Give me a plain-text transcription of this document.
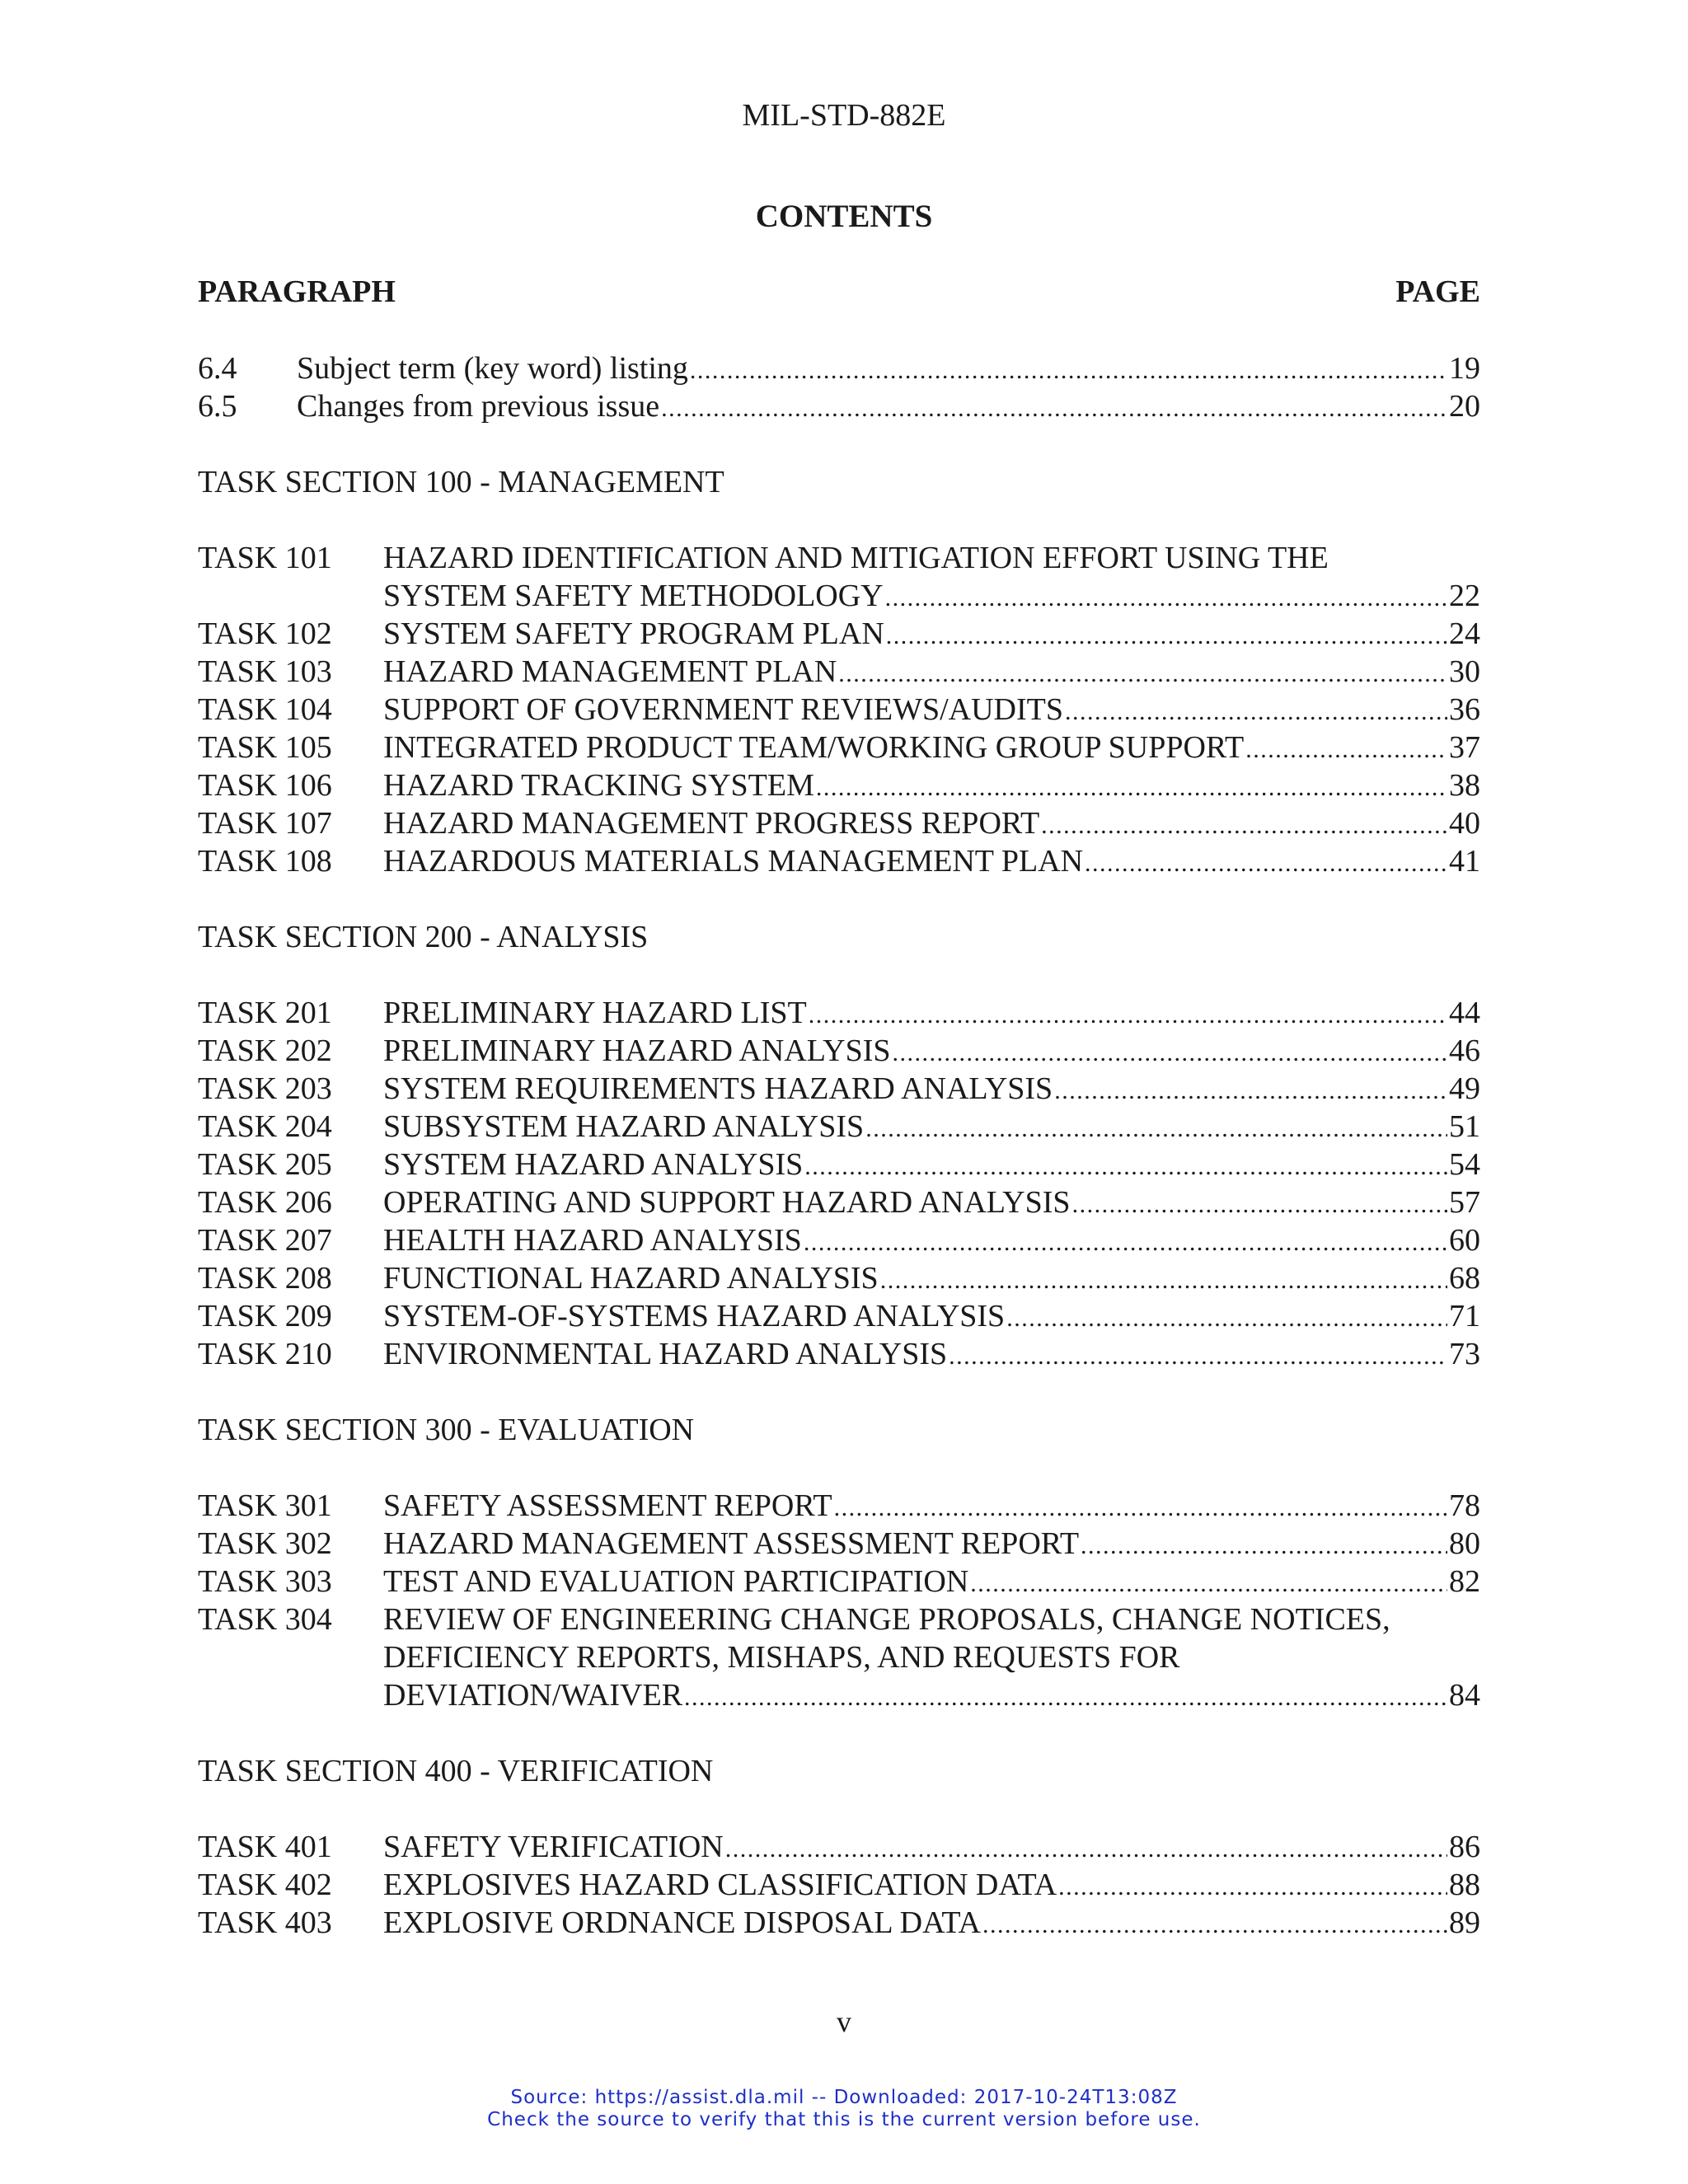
MIL-STD-882E
CONTENTS
PARAGRAPH	PAGE
6.4 Subject term (key word) listing . . .	19
6.5 Changes from previous issue . . .	20
TASK SECTION 100 - MANAGEMENT
TASK 101 HAZARD IDENTIFICATION AND MITIGATION EFFORT USING THE
SYSTEM SAFETY METHODOLOGY . . .	22
TASK 102 SYSTEM SAFETY PROGRAM PLAN . . .	24
TASK 103 HAZARD MANAGEMENT PLAN . . .	30
TASK 104 SUPPORT OF GOVERNMENT REVIEWS/AUDITS . . .	36
TASK 105 INTEGRATED PRODUCT TEAM/WORKING GROUP SUPPORT . . .	37
TASK 106 HAZARD TRACKING SYSTEM . . .	38
TASK 107 HAZARD MANAGEMENT PROGRESS REPORT . . .	40
TASK 108 HAZARDOUS MATERIALS MANAGEMENT PLAN . . .	41
TASK SECTION 200 - ANALYSIS
TASK 201 PRELIMINARY HAZARD LIST . . .	44
TASK 202 PRELIMINARY HAZARD ANALYSIS . . .	46
TASK 203 SYSTEM REQUIREMENTS HAZARD ANALYSIS . . .	49
TASK 204 SUBSYSTEM HAZARD ANALYSIS . . .	51
TASK 205 SYSTEM HAZARD ANALYSIS . . .	54
TASK 206 OPERATING AND SUPPORT HAZARD ANALYSIS . . .	57
TASK 207 HEALTH HAZARD ANALYSIS . . .	60
TASK 208 FUNCTIONAL HAZARD ANALYSIS . . .	68
TASK 209 SYSTEM-OF-SYSTEMS HAZARD ANALYSIS . . .	71
TASK 210 ENVIRONMENTAL HAZARD ANALYSIS . . .	73
TASK SECTION 300 - EVALUATION
TASK 301 SAFETY ASSESSMENT REPORT . . .	78
TASK 302 HAZARD MANAGEMENT ASSESSMENT REPORT . . .	80
TASK 303 TEST AND EVALUATION PARTICIPATION . . .	82
TASK 304 REVIEW OF ENGINEERING CHANGE PROPOSALS, CHANGE NOTICES,
DEFICIENCY REPORTS, MISHAPS, AND REQUESTS FOR
DEVIATION/WAIVER . . .	84
TASK SECTION 400 - VERIFICATION
TASK 401 SAFETY VERIFICATION . . .	86
TASK 402 EXPLOSIVES HAZARD CLASSIFICATION DATA . . .	88
TASK 403 EXPLOSIVE ORDNANCE DISPOSAL DATA . . .	89
v
Source: https://assist.dla.mil -- Downloaded: 2017-10-24T13:08Z
Check the source to verify that this is the current version before use.
